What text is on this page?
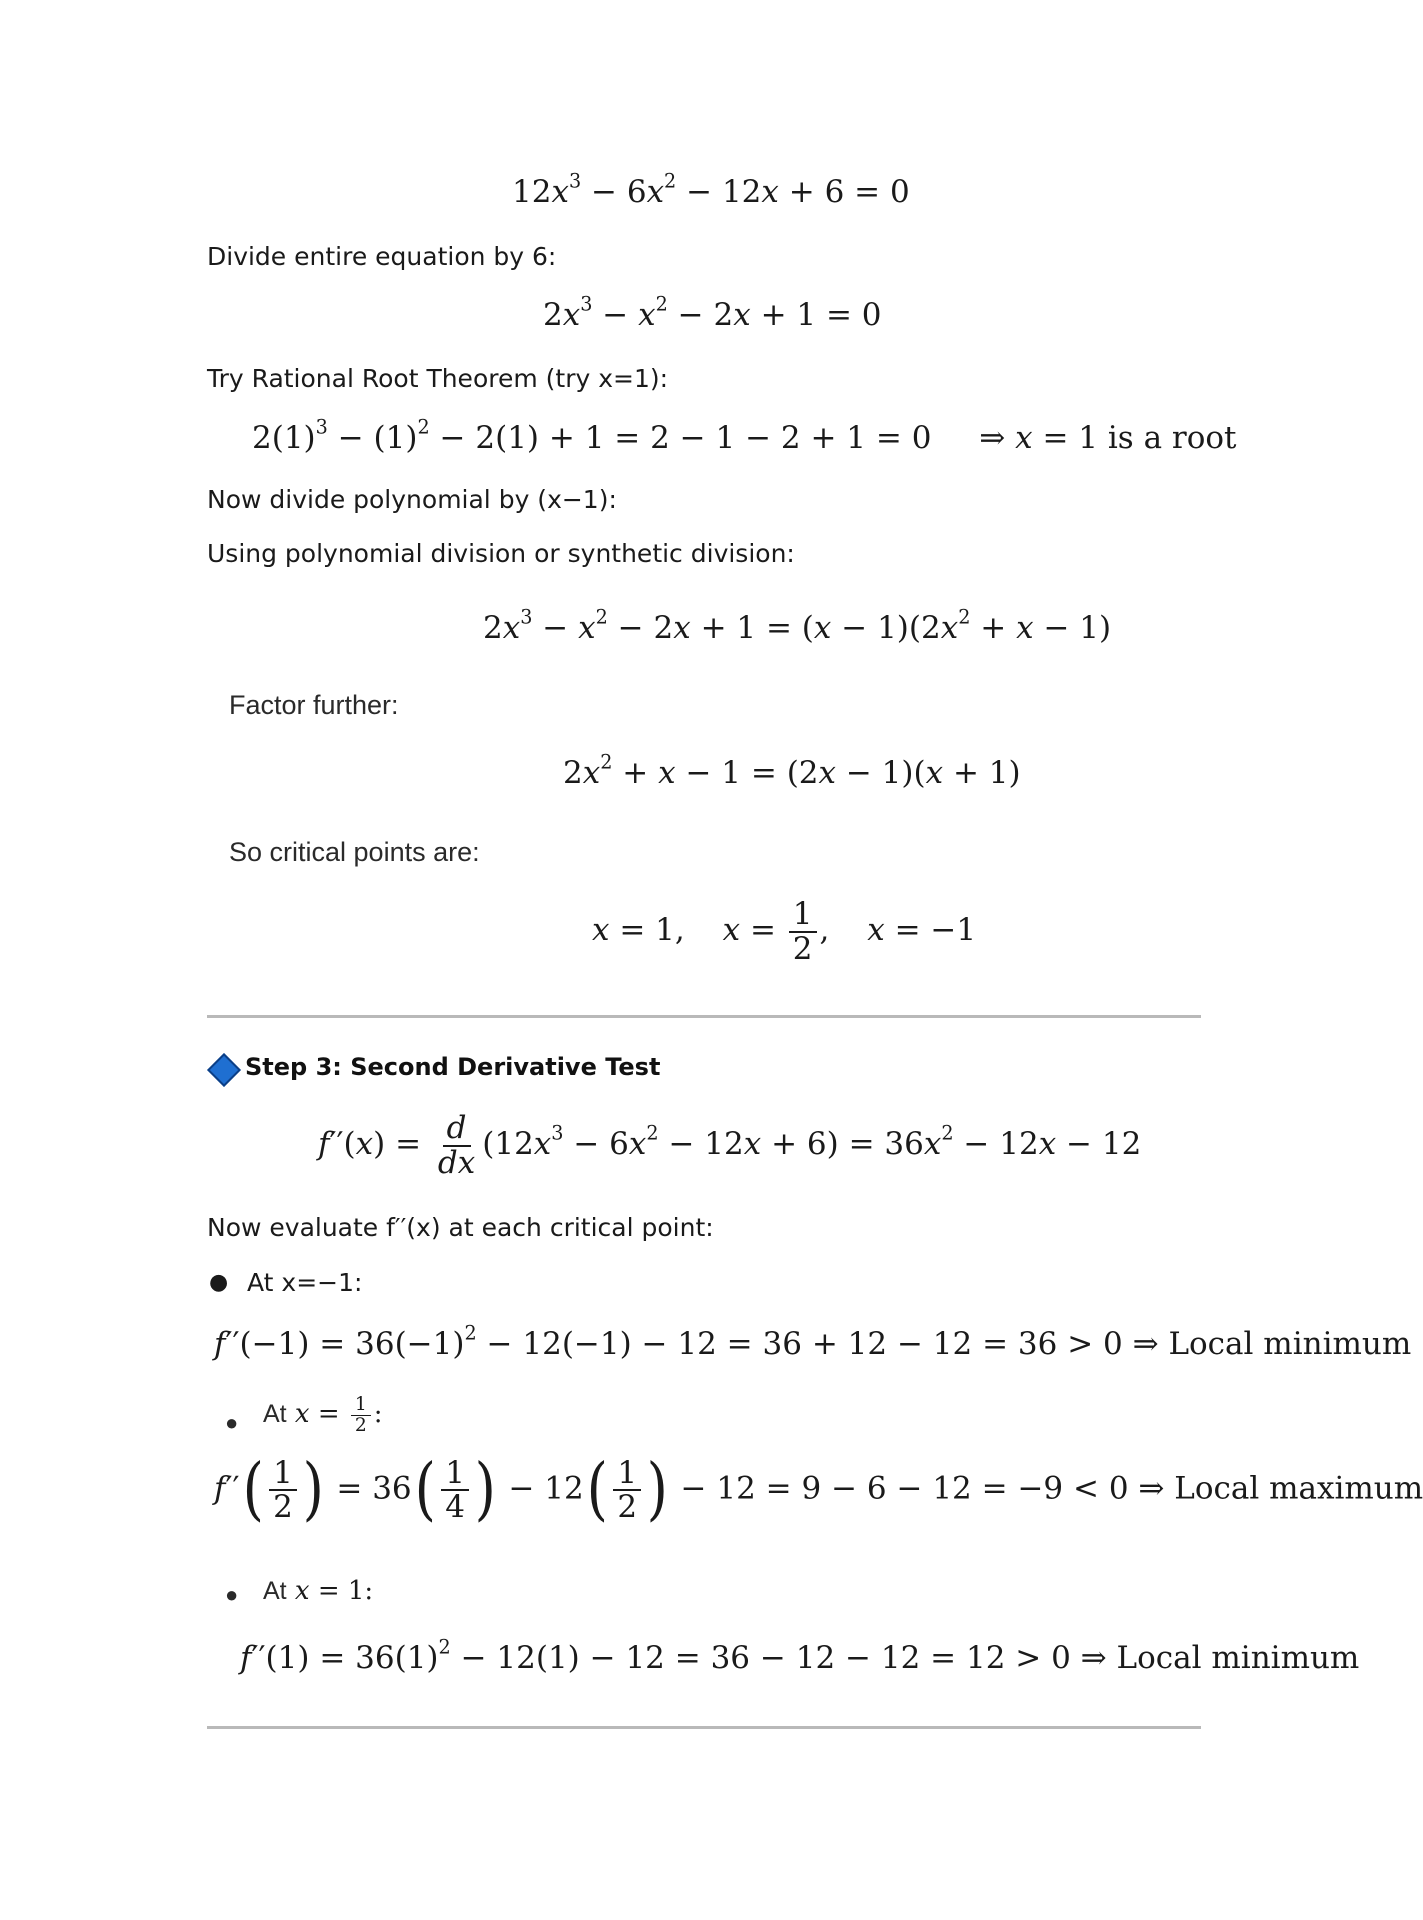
$12x^3 - 6x^2 - 12x + 6 = 0$
Divide entire equation by 6:
$2x^3 - x^2 - 2x + 1 = 0$
Try Rational Root Theorem (try x=1):
$2(1)^3 - (1)^2 - 2(1) + 1 = 2 - 1 - 2 + 1 = 0$ ⇒ x = 1 is a root
Now divide polynomial by (x−1):
Using polynomial division or synthetic division:
$2x^3 - x^2 - 2x + 1 = (x - 1)(2x^2 + x - 1)$
Factor further:
$2x^2 + x - 1 = (2x - 1)(x + 1)$
So critical points are:
x = 1, $x = \frac{1}{2}$ , x = −1
Step 3: Second Derivative Test
$f''(x) = \frac{d}{dx} (12x^3 - 6x^2 - 12x + 6) = 36x^2 - 12x - 12$
Now evaluate f′′(x) at each critical point:
● At x=−1:
$f''(-1) = 36(-1)^2 - 12(-1) - 12 = 36 + 12 - 12 = 36 > 0$ ⇒ Local minimum
● At $x = \frac{1}{2}$ :
f′′ ( $\frac{1}{2}$ ) = 36 ( $\frac{1}{4}$ ) − 12 ( $\frac{1}{2}$ ) − 12 = 9 − 6 − 12 = −9 < 0 ⇒ Local maximum
● At x = 1:
$f''(1) = 36(1)^2 - 12(1) - 12 = 36 - 12 - 12 = 12 > 0$ ⇒ Local minimum
